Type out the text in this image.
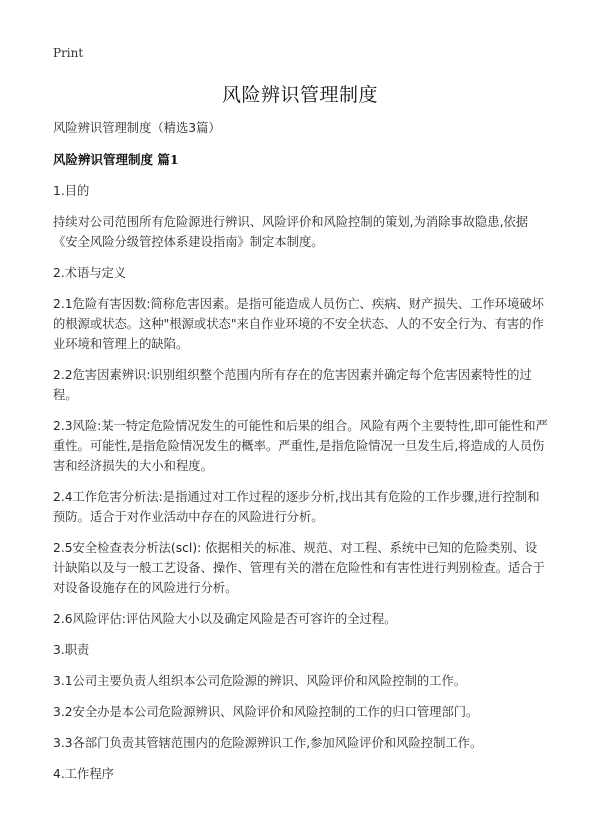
Print
风险辨识管理制度

风险辨识管理制度（精选3篇）

风险辨识管理制度 篇1

1.目的

持续对公司范围所有危险源进行辨识、风险评价和风险控制的策划,为消除事故隐患,依据《安全风险分级管控体系建设指南》制定本制度。

2.术语与定义

2.1危险有害因数:简称危害因素。是指可能造成人员伤亡、疾病、财产损失、工作环境破坏的根源或状态。这种"根源或状态"来自作业环境的不安全状态、人的不安全行为、有害的作业环境和管理上的缺陷。

2.2危害因素辨识:识别组织整个范围内所有存在的危害因素并确定每个危害因素特性的过程。

2.3风险:某一特定危险情况发生的可能性和后果的组合。风险有两个主要特性,即可能性和严重性。可能性,是指危险情况发生的概率。严重性,是指危险情况一旦发生后,将造成的人员伤害和经济损失的大小和程度。

2.4工作危害分析法:是指通过对工作过程的逐步分析,找出其有危险的工作步骤,进行控制和预防。适合于对作业活动中存在的风险进行分析。

2.5安全检查表分析法(scl): 依据相关的标准、规范、对工程、系统中已知的危险类别、设计缺陷以及与一般工艺设备、操作、管理有关的潜在危险性和有害性进行判别检查。适合于对设备设施存在的风险进行分析。

2.6风险评估:评估风险大小以及确定风险是否可容许的全过程。

3.职责

3.1公司主要负责人组织本公司危险源的辨识、风险评价和风险控制的工作。

3.2安全办是本公司危险源辨识、风险评价和风险控制的工作的归口管理部门。

3.3各部门负责其管辖范围内的危险源辨识工作,参加风险评价和风险控制工作。

4.工作程序
